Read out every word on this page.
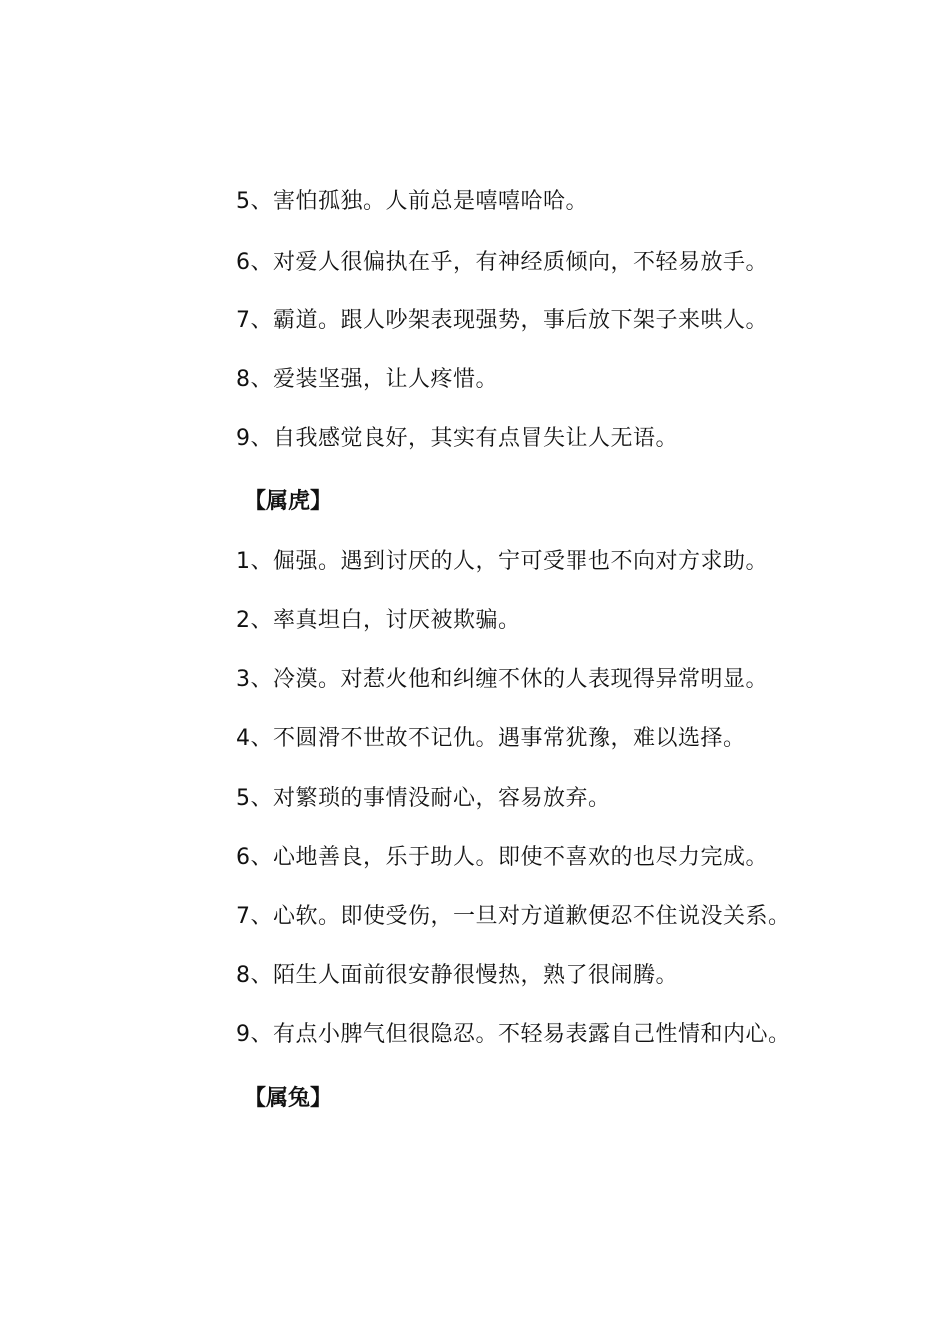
5、害怕孤独。人前总是嘻嘻哈哈。
6、对爱人很偏执在乎，有神经质倾向，不轻易放手。
7、霸道。跟人吵架表现强势，事后放下架子来哄人。
8、爱装坚强，让人疼惜。
9、自我感觉良好，其实有点冒失让人无语。
【属虎】
1、倔强。遇到讨厌的人，宁可受罪也不向对方求助。
2、率真坦白，讨厌被欺骗。
3、冷漠。对惹火他和纠缠不休的人表现得异常明显。
4、不圆滑不世故不记仇。遇事常犹豫，难以选择。
5、对繁琐的事情没耐心，容易放弃。
6、心地善良，乐于助人。即使不喜欢的也尽力完成。
7、心软。即使受伤，一旦对方道歉便忍不住说没关系。
8、陌生人面前很安静很慢热，熟了很闹腾。
9、有点小脾气但很隐忍。不轻易表露自己性情和内心。
【属兔】
